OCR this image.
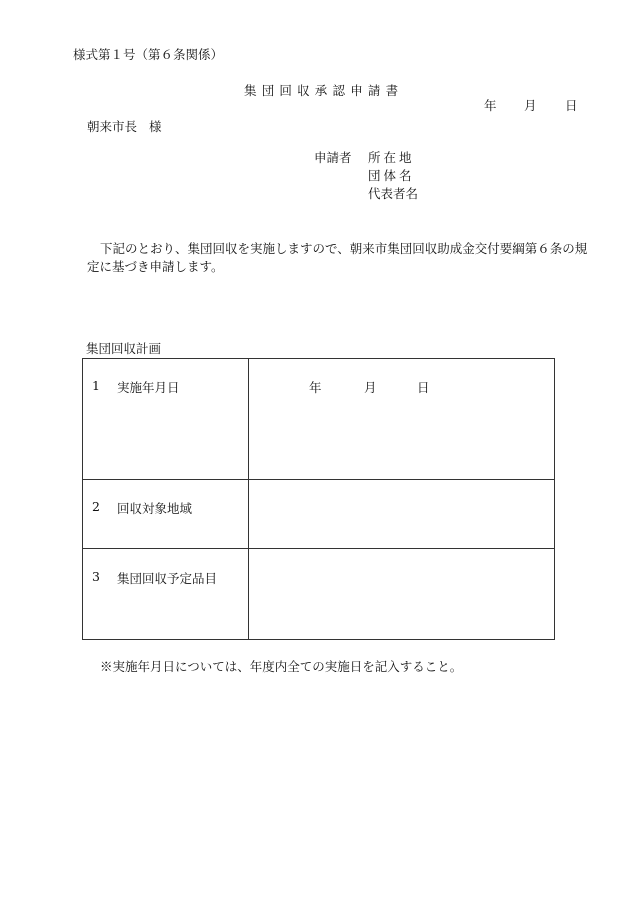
様式第１号（第６条関係）
集団回収承認申請書
年 月 日
朝来市長 様
申請者 所在地
団体名
代表者名
下記のとおり、集団回収を実施しますので、朝来市集団回収助成金交付要綱第６条の規定に基づき申請します。
集団回収計画
1 実施年月日	年 月 日

2 回収対象地域	

3 集団回収予定品目	

※実施年月日については、年度内全ての実施日を記入すること。
